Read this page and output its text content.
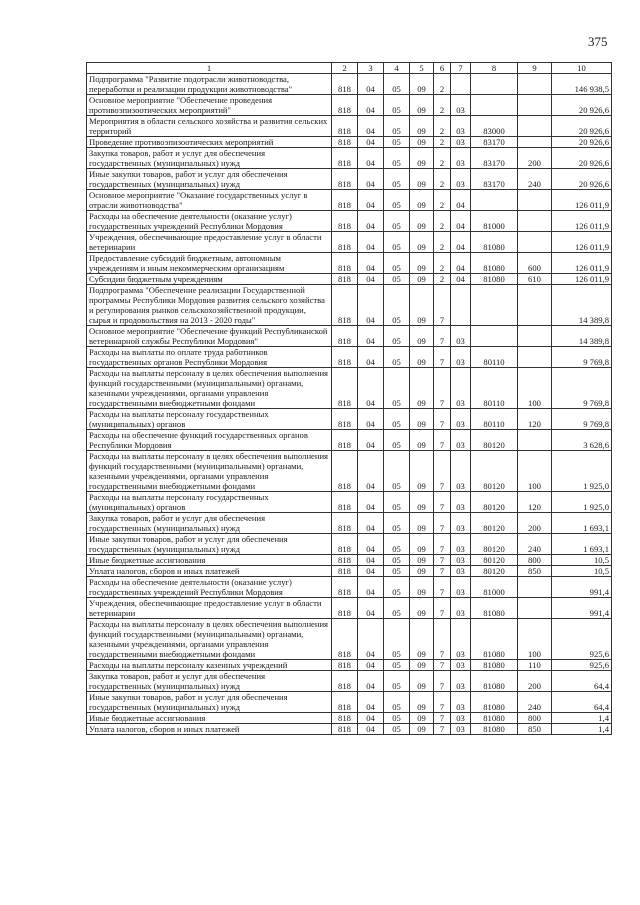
375
1	2	3	4	5	6	7	8	9	10
Подпрограмма "Развитие подотрасли животноводства, переработки и реализации продукции животноводства"	818	04	05	09	2				146 938,5
Основное мероприятие "Обеспечение проведения противоэпизоотических мероприятий"	818	04	05	09	2	03			20 926,6
Мероприятия в области сельского хозяйства и развития сельских территорий	818	04	05	09	2	03	83000		20 926,6
Проведение противоэпизоотических мероприятий	818	04	05	09	2	03	83170		20 926,6
Закупка товаров, работ и услуг для обеспечения государственных (муниципальных) нужд	818	04	05	09	2	03	83170	200	20 926,6
Иные закупки товаров, работ и услуг для обеспечения государственных (муниципальных) нужд	818	04	05	09	2	03	83170	240	20 926,6
Основное мероприятие "Оказание государственных услуг в отрасли животноводства"	818	04	05	09	2	04			126 011,9
Расходы на обеспечение деятельности (оказание услуг) государственных учреждений Республики Мордовия	818	04	05	09	2	04	81000		126 011,9
Учреждения, обеспечивающие предоставление услуг в области ветеринарии	818	04	05	09	2	04	81080		126 011,9
Предоставление субсидий бюджетным, автономным учреждениям и иным некоммерческим организациям	818	04	05	09	2	04	81080	600	126 011,9
Субсидии бюджетным учреждениям	818	04	05	09	2	04	81080	610	126 011,9
Подпрограмма "Обеспечение реализации Государственной программы Республики Мордовия развития сельского хозяйства и регулирования рынков сельскохозяйственной продукции, сырья и продовольствия на 2013 - 2020 годы"	818	04	05	09	7				14 389,8
Основное мероприятие "Обеспечение функций Республиканской ветеринарной службы Республики Мордовия"	818	04	05	09	7	03			14 389,8
Расходы на выплаты по оплате труда работников государственных органов Республики Мордовия	818	04	05	09	7	03	80110		9 769,8
Расходы на выплаты персоналу в целях обеспечения выполнения функций государственными (муниципальными) органами, казенными учреждениями, органами управления государственными внебюджетными фондами	818	04	05	09	7	03	80110	100	9 769,8
Расходы на выплаты персоналу государственных (муниципальных) органов	818	04	05	09	7	03	80110	120	9 769,8
Расходы на обеспечение функций государственных органов Республики Мордовия	818	04	05	09	7	03	80120		3 628,6
Расходы на выплаты персоналу в целях обеспечения выполнения функций государственными (муниципальными) органами, казенными учреждениями, органами управления государственными внебюджетными фондами	818	04	05	09	7	03	80120	100	1 925,0
Расходы на выплаты персоналу государственных (муниципальных) органов	818	04	05	09	7	03	80120	120	1 925,0
Закупка товаров, работ и услуг для обеспечения государственных (муниципальных) нужд	818	04	05	09	7	03	80120	200	1 693,1
Иные закупки товаров, работ и услуг для обеспечения государственных (муниципальных) нужд	818	04	05	09	7	03	80120	240	1 693,1
Иные бюджетные ассигнования	818	04	05	09	7	03	80120	800	10,5
Уплата налогов, сборов и иных платежей	818	04	05	09	7	03	80120	850	10,5
Расходы на обеспечение деятельности (оказание услуг) государственных учреждений Республики Мордовия	818	04	05	09	7	03	81000		991,4
Учреждения, обеспечивающие предоставление услуг в области ветеринарии	818	04	05	09	7	03	81080		991,4
Расходы на выплаты персоналу в целях обеспечения выполнения функций государственными (муниципальными) органами, казенными учреждениями, органами управления государственными внебюджетными фондами	818	04	05	09	7	03	81080	100	925,6
Расходы на выплаты персоналу казенных учреждений	818	04	05	09	7	03	81080	110	925,6
Закупка товаров, работ и услуг для обеспечения государственных (муниципальных) нужд	818	04	05	09	7	03	81080	200	64,4
Иные закупки товаров, работ и услуг для обеспечения государственных (муниципальных) нужд	818	04	05	09	7	03	81080	240	64,4
Иные бюджетные ассигнования	818	04	05	09	7	03	81080	800	1,4
Уплата налогов, сборов и иных платежей	818	04	05	09	7	03	81080	850	1,4
